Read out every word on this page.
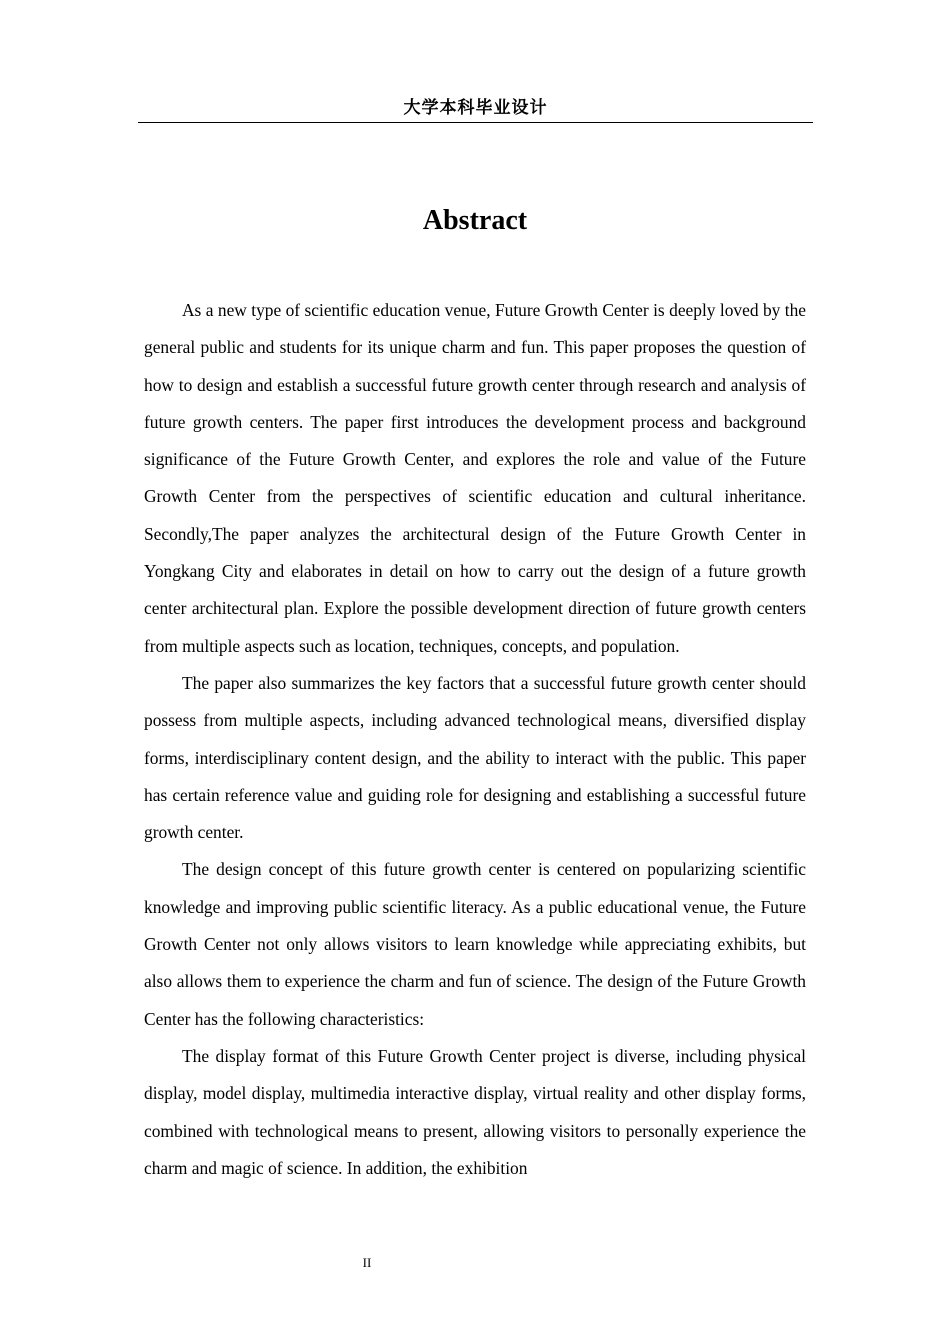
大学本科毕业设计
Abstract

As a new type of scientific education venue, Future Growth Center is deeply loved by the general public and students for its unique charm and fun. This paper proposes the question of how to design and establish a successful future growth center through research and analysis of future growth centers. The paper first introduces the development process and background significance of the Future Growth Center, and explores the role and value of the Future Growth Center from the perspectives of scientific education and cultural inheritance. Secondly,The paper analyzes the architectural design of the Future Growth Center in Yongkang City and elaborates in detail on how to carry out the design of a future growth center architectural plan. Explore the possible development direction of future growth centers from multiple aspects such as location, techniques, concepts, and population.

The paper also summarizes the key factors that a successful future growth center should possess from multiple aspects, including advanced technological means, diversified display forms, interdisciplinary content design, and the ability to interact with the public. This paper has certain reference value and guiding role for designing and establishing a successful future growth center.

The design concept of this future growth center is centered on popularizing scientific knowledge and improving public scientific literacy. As a public educational venue, the Future Growth Center not only allows visitors to learn knowledge while appreciating exhibits, but also allows them to experience the charm and fun of science. The design of the Future Growth Center has the following characteristics:

The display format of this Future Growth Center project is diverse, including physical display, model display, multimedia interactive display, virtual reality and other display forms, combined with technological means to present, allowing visitors to personally experience the charm and magic of science. In addition, the exhibition

II
